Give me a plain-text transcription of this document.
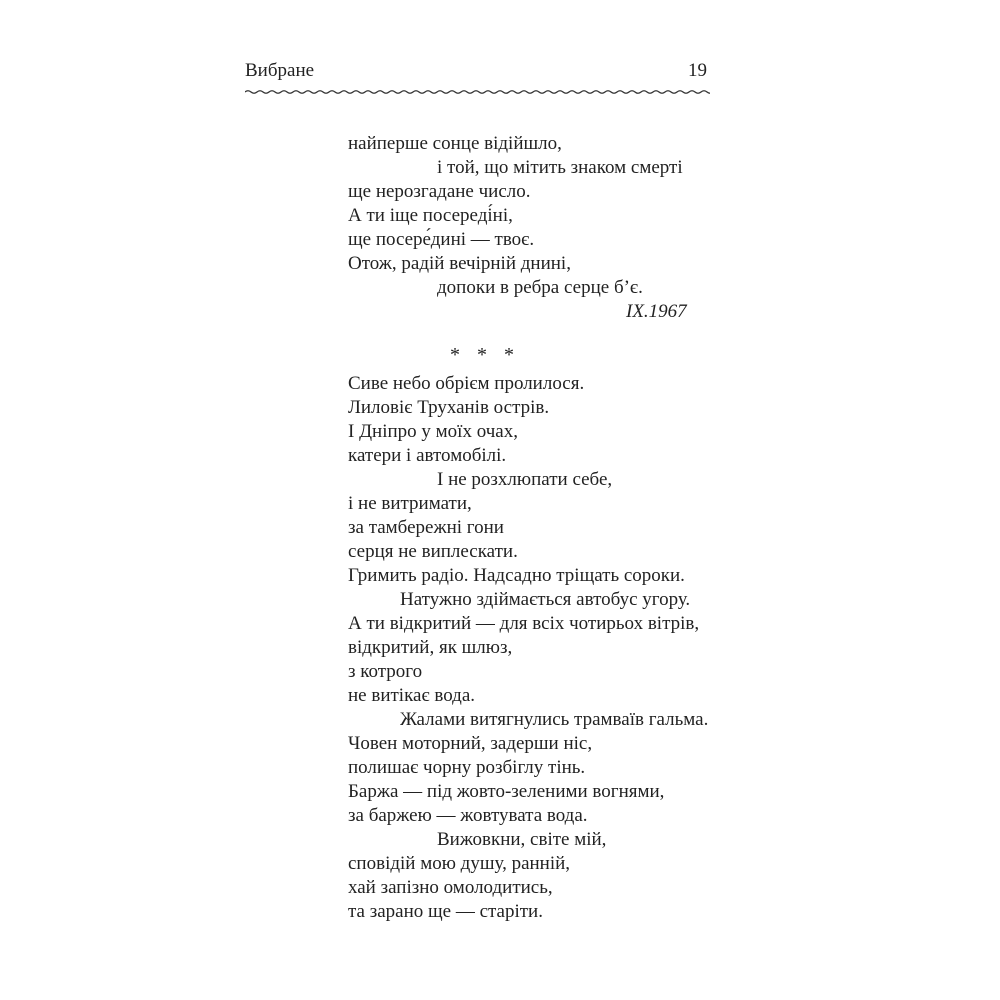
Вибране	19
найперше сонце відійшло,
і той, що мітить знаком смерті
ще нерозгадане число.
А ти іще посереді́ні,
ще посере́дині — твоє.
Отож, радій вечірній днині,
допоки в ребра серце б’є.
IX.1967
* * *
Сиве небо обрієм пролилося.
Лиловіє Труханів острів.
І Дніпро у моїх очах,
катери і автомобілі.
І не розхлюпати себе,
і не витримати,
за тамбережні гони
серця не виплескати.
Гримить радіо. Надсадно тріщать сороки.
Натужно здіймається автобус угору.
А ти відкритий — для всіх чотирьох вітрів,
відкритий, як шлюз,
з котрого
не витікає вода.
Жалами витягнулись трамваїв гальма.
Човен моторний, задерши ніс,
полишає чорну розбіглу тінь.
Баржа — під жовто-зеленими вогнями,
за баржею — жовтувата вода.
Вижовкни, світе мій,
сповідій мою душу, ранній,
хай запізно омолодитись,
та зарано ще — старіти.
